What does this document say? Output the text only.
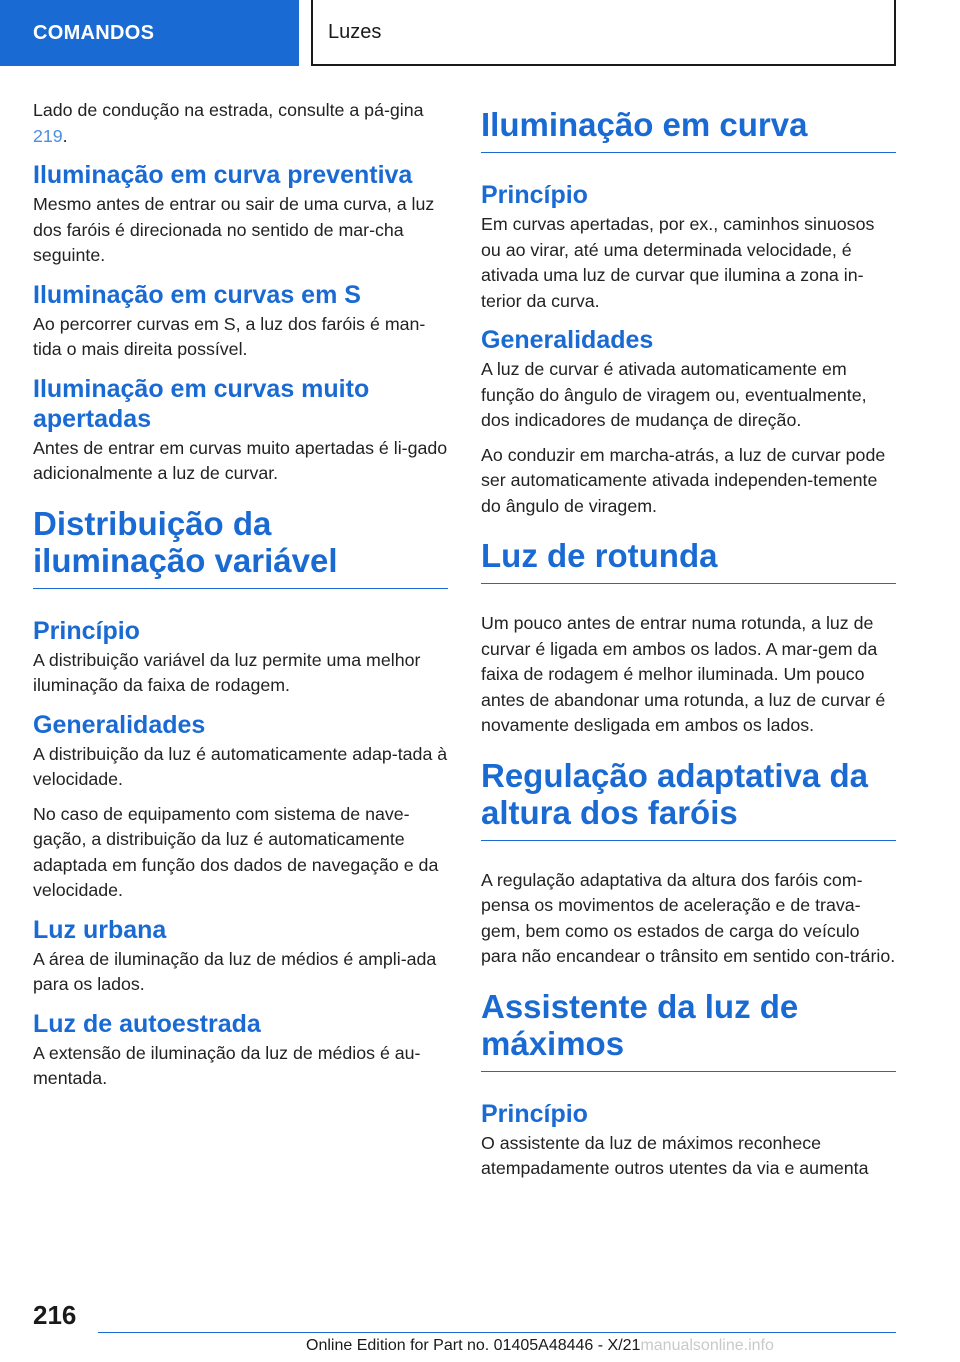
COMANDOS	Luzes

Lado de condução na estrada, consulte a pá-gina 219.

Iluminação em curva preventiva

Mesmo antes de entrar ou sair de uma curva, a luz dos faróis é direcionada no sentido de mar-cha seguinte.

Iluminação em curvas em S

Ao percorrer curvas em S, a luz dos faróis é man-tida o mais direita possível.

Iluminação em curvas muito apertadas

Antes de entrar em curvas muito apertadas é li-gado adicionalmente a luz de curvar.

Distribuição da iluminação variável
Princípio

A distribuição variável da luz permite uma melhor iluminação da faixa de rodagem.

Generalidades

A distribuição da luz é automaticamente adap-tada à velocidade.

No caso de equipamento com sistema de nave-gação, a distribuição da luz é automaticamente adaptada em função dos dados de navegação e da velocidade.

Luz urbana

A área de iluminação da luz de médios é ampli-ada para os lados.

Luz de autoestrada

A extensão de iluminação da luz de médios é au-mentada.

Iluminação em curva
Princípio

Em curvas apertadas, por ex., caminhos sinuosos ou ao virar, até uma determinada velocidade, é ativada uma luz de curvar que ilumina a zona in-terior da curva.

Generalidades

A luz de curvar é ativada automaticamente em função do ângulo de viragem ou, eventualmente, dos indicadores de mudança de direção.

Ao conduzir em marcha-atrás, a luz de curvar pode ser automaticamente ativada independen-temente do ângulo de viragem.

Luz de rotunda

Um pouco antes de entrar numa rotunda, a luz de curvar é ligada em ambos os lados. A mar-gem da faixa de rodagem é melhor iluminada. Um pouco antes de abandonar uma rotunda, a luz de curvar é novamente desligada em ambos os lados.

Regulação adaptativa da altura dos faróis

A regulação adaptativa da altura dos faróis com-pensa os movimentos de aceleração e de trava-gem, bem como os estados de carga do veículo para não encandear o trânsito em sentido con-trário.

Assistente da luz de máximos
Princípio

O assistente da luz de máximos reconhece atempadamente outros utentes da via e aumenta

216
Online Edition for Part no. 01405A48446 - X/21manualsonline.info
